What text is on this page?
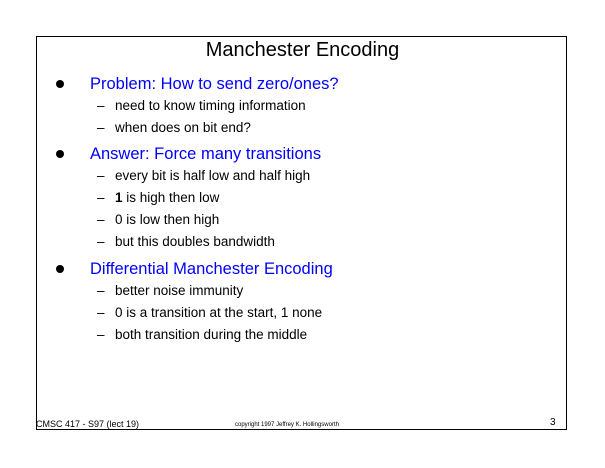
Manchester Encoding
Problem: How to send zero/ones?
– need to know timing information
– when does on bit end?
Answer: Force many transitions
– every bit is half low and half high
– 1 is high then low
– 0 is low then high
– but this doubles bandwidth
Differential Manchester Encoding
– better noise immunity
– 0 is a transition at the start, 1 none
– both transition during the middle
CMSC 417 - S97 (lect 19)	copyright 1997 Jeffrey K. Hollingsworth	3
